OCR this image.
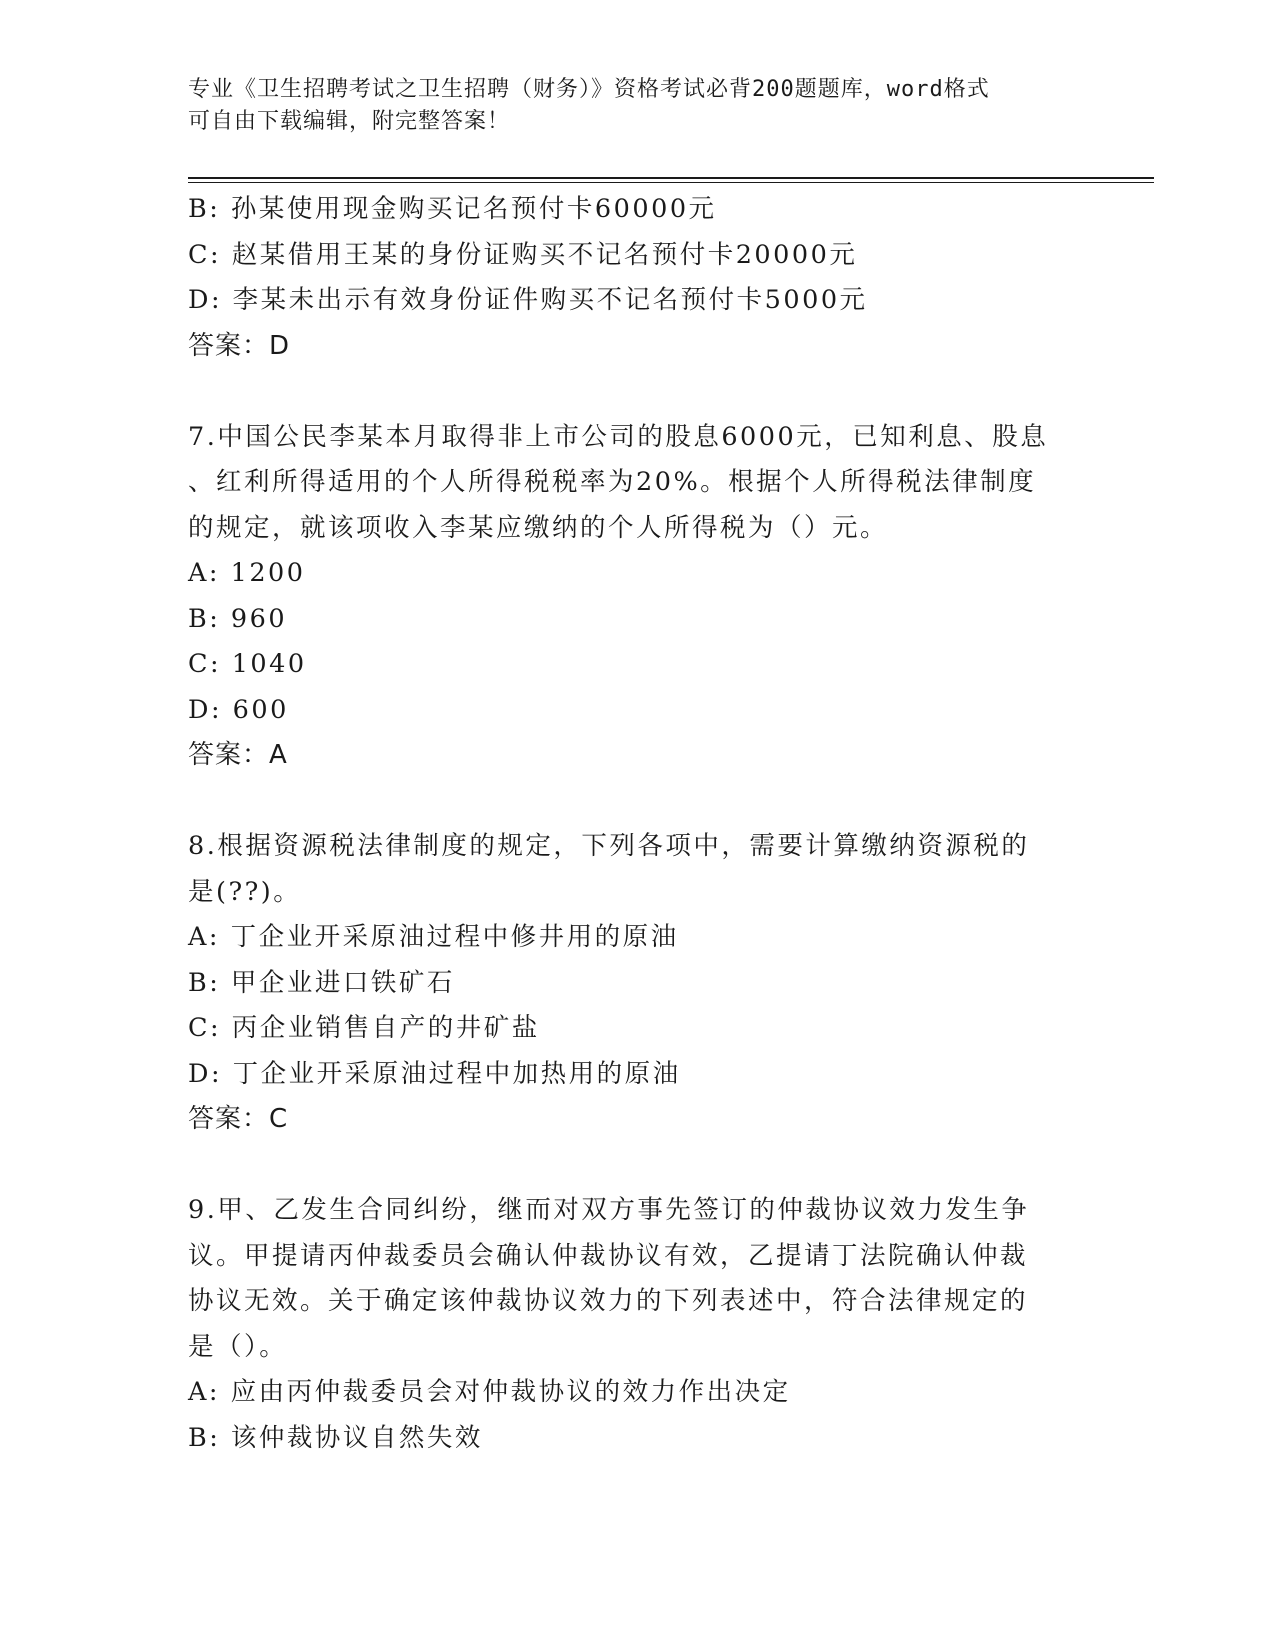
专业《卫生招聘考试之卫生招聘（财务）》资格考试必背200题题库，word格式
可自由下载编辑，附完整答案！

B: 孙某使用现金购买记名预付卡60000元

C: 赵某借用王某的身份证购买不记名预付卡20000元

D: 李某未出示有效身份证件购买不记名预付卡5000元

答案：D

7.中国公民李某本月取得非上市公司的股息6000元，已知利息、股息

、红利所得适用的个人所得税税率为20%。根据个人所得税法律制度

的规定，就该项收入李某应缴纳的个人所得税为（）元。

A: 1200

B: 960

C: 1040

D: 600

答案：A

8.根据资源税法律制度的规定，下列各项中，需要计算缴纳资源税的

是(??)。

A: 丁企业开采原油过程中修井用的原油

B: 甲企业进口铁矿石

C: 丙企业销售自产的井矿盐

D: 丁企业开采原油过程中加热用的原油

答案：C

9.甲、乙发生合同纠纷，继而对双方事先签订的仲裁协议效力发生争

议。甲提请丙仲裁委员会确认仲裁协议有效，乙提请丁法院确认仲裁

协议无效。关于确定该仲裁协议效力的下列表述中，符合法律规定的

是（）。

A: 应由丙仲裁委员会对仲裁协议的效力作出决定

B: 该仲裁协议自然失效
